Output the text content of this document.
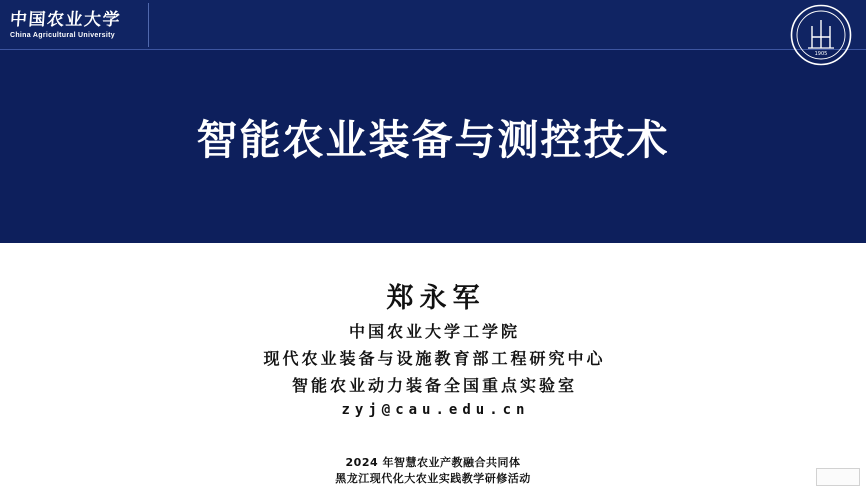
中国农业大学
China Agricultural University
1905
智能农业装备与测控技术
郑永军
中国农业大学工学院
现代农业装备与设施教育部工程研究中心
智能农业动力装备全国重点实验室
zyj@cau.edu.cn
2024 年智慧农业产教融合共同体
黑龙江现代化大农业实践教学研修活动
